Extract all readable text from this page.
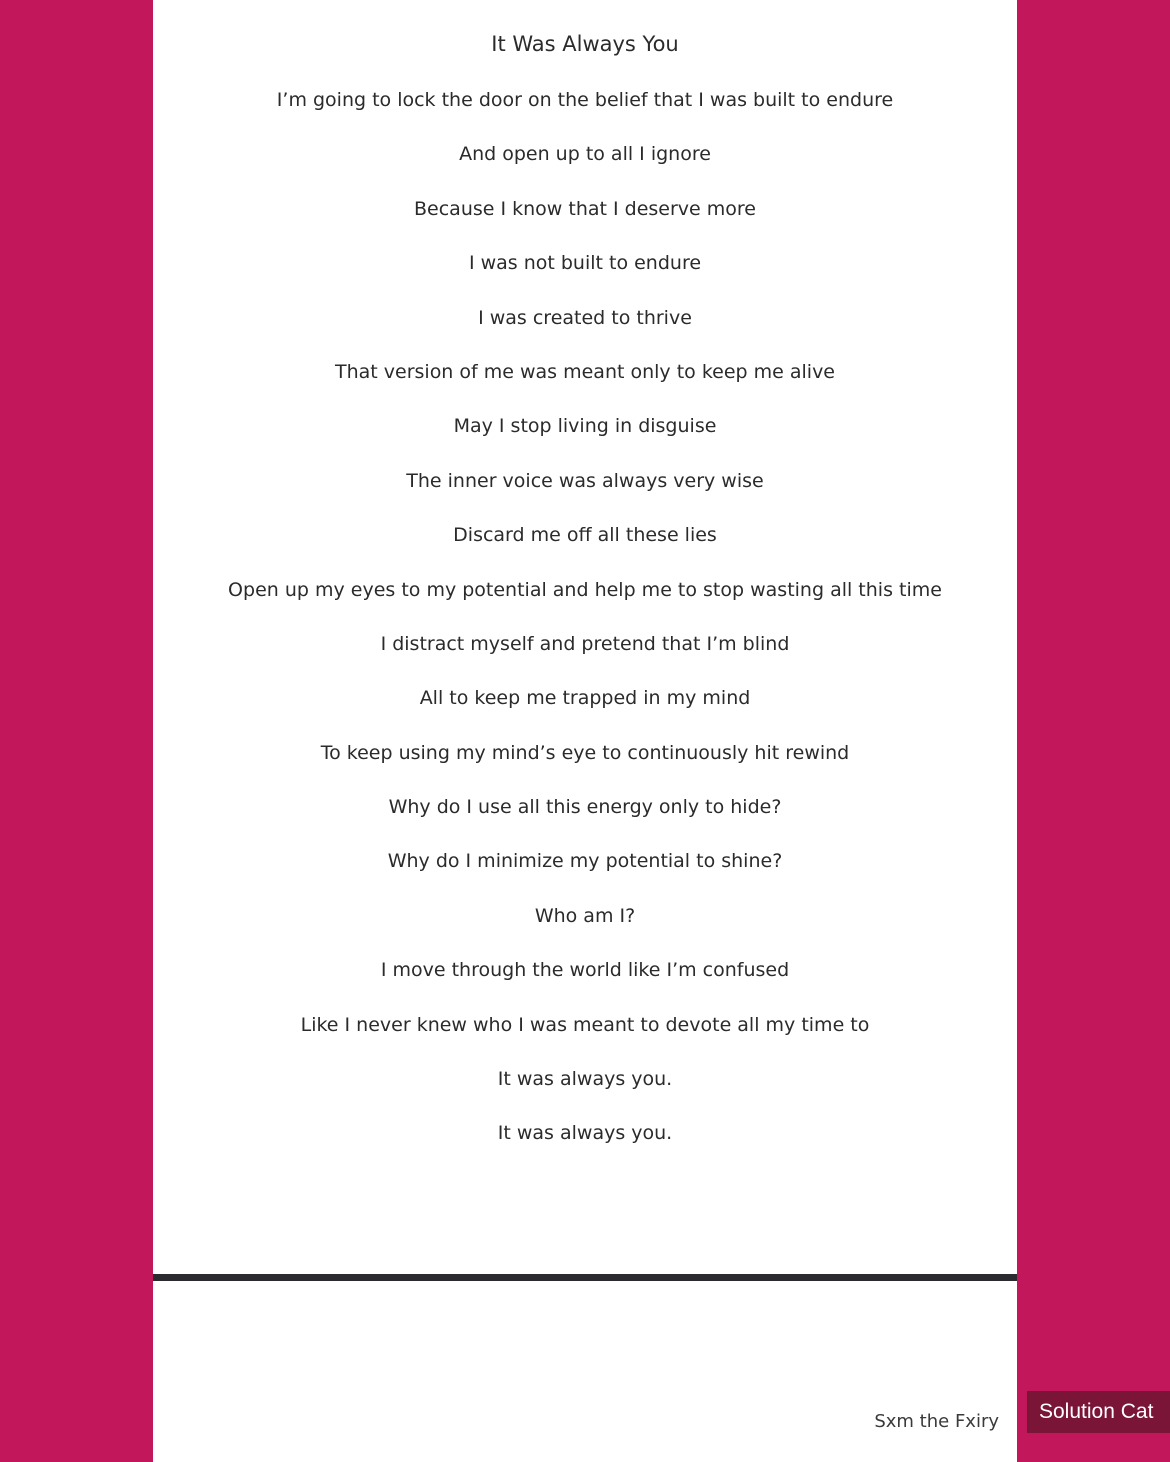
It Was Always You
I’m going to lock the door on the belief that I was built to endure
And open up to all I ignore
Because I know that I deserve more
I was not built to endure
I was created to thrive
That version of me was meant only to keep me alive
May I stop living in disguise
The inner voice was always very wise
Discard me off all these lies
Open up my eyes to my potential and help me to stop wasting all this time
I distract myself and pretend that I’m blind
All to keep me trapped in my mind
To keep using my mind’s eye to continuously hit rewind
Why do I use all this energy only to hide?
Why do I minimize my potential to shine?
Who am I?
I move through the world like I’m confused
Like I never knew who I was meant to devote all my time to
It was always you.
It was always you.
Sxm the Fxiry	Solution Cat
